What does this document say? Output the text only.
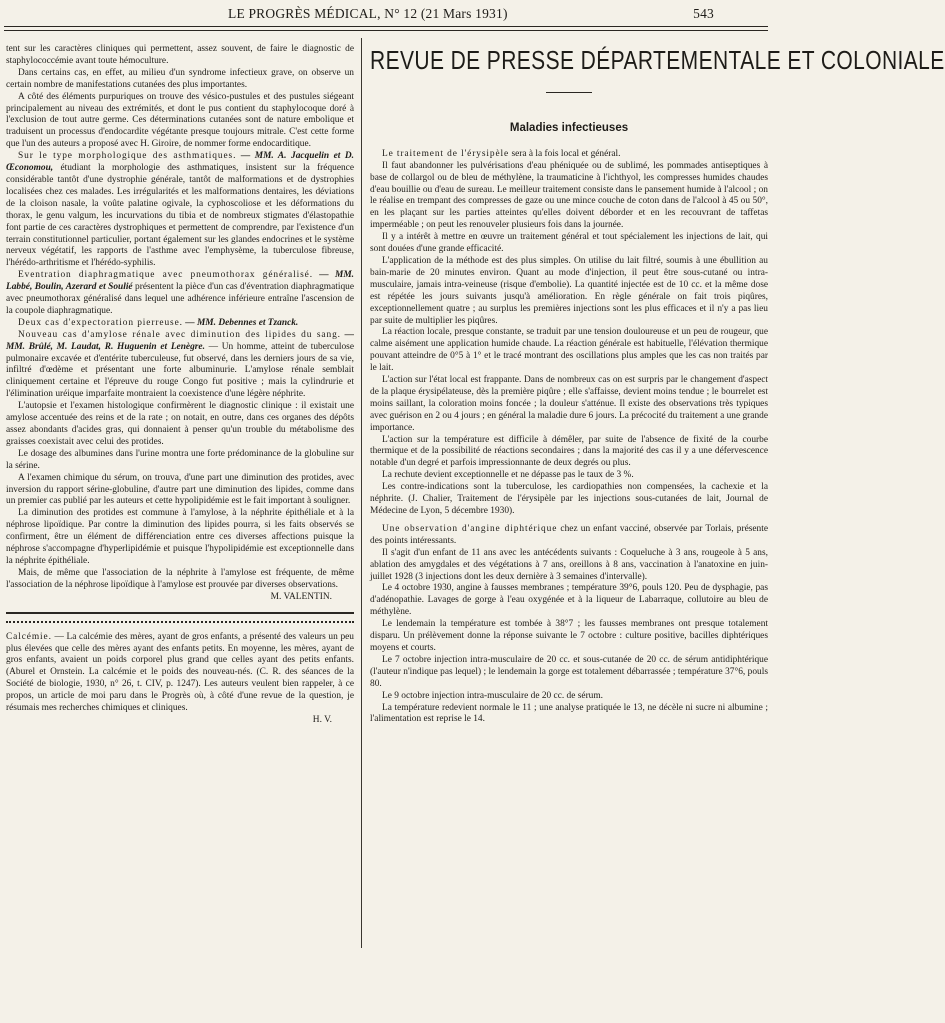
LE PROGRÈS MÉDICAL, N° 12 (21 Mars 1931)	543

tent sur les caractères cliniques qui permettent, assez souvent, de faire le diagnostic de staphylococcémie avant toute hémoculture.

Dans certains cas, en effet, au milieu d'un syndrome infectieux grave, on observe un certain nombre de manifestations cutanées des plus importantes.

A côté des éléments purpuriques on trouve des vésico-pustules et des pustules siégeant principalement au niveau des extrémités, et dont le pus contient du staphylocoque doré à l'exclusion de tout autre germe. Ces déterminations cutanées sont de nature embolique et traduisent un processus d'endocardite végétante presque toujours mitrale. C'est cette forme que l'un des auteurs a proposé avec H. Giroire, de nommer forme endocarditique.

Sur le type morphologique des asthmatiques. — MM. A. Jacquelin et D. Œconomou, étudiant la morphologie des asthmatiques, insistent sur la fréquence considérable tantôt d'une dystrophie générale, tantôt de malformations et de dystrophies localisées chez ces malades. Les irrégularités et les malformations dentaires, les déviations de la cloison nasale, la voûte palatine ogivale, la cyphoscoliose et les déformations du thorax, le genu valgum, les incurvations du tibia et de nombreux stigmates d'élastopathie font partie de ces caractères dystrophiques et permettent de comprendre, par l'existence d'un terrain constitutionnel particulier, portant également sur les glandes endocrines et le système nerveux végétatif, les rapports de l'asthme avec l'emphysème, la tuberculose fibreuse, l'hérédo-arthritisme et l'hérédo-syphilis.

Eventration diaphragmatique avec pneumothorax généralisé. — MM. Labbé, Boulin, Azerard et Soulié présentent la pièce d'un cas d'éventration diaphragmatique avec pneumothorax généralisé dans lequel une adhérence inférieure entraîne l'ascension de la coupole diaphragmatique.

Deux cas d'expectoration pierreuse. — MM. Debennes et Tzanck.

Nouveau cas d'amylose rénale avec diminution des lipides du sang. — MM. Brûlé, M. Laudat, R. Huguenin et Lenègre. — Un homme, atteint de tuberculose pulmonaire excavée et d'entérite tuberculeuse, fut observé, dans les derniers jours de sa vie, infiltré d'œdème et présentant une forte albuminurie. L'amylose rénale semblait cliniquement certaine et l'épreuve du rouge Congo fut positive ; mais la cylindrurie et l'élimination uréique imparfaite montraient la coexistence d'une légère néphrite.

L'autopsie et l'examen histologique confirmèrent le diagnostic clinique : il existait une amylose accentuée des reins et de la rate ; on notait, en outre, dans ces organes des dépôts assez abondants d'acides gras, qui donnaient à penser qu'un trouble du métabolisme des graisses coexistait avec celui des protides.

Le dosage des albumines dans l'urine montra une forte prédominance de la globuline sur la sérine.

A l'examen chimique du sérum, on trouva, d'une part une diminution des protides, avec inversion du rapport sérine-globuline, d'autre part une diminution des lipides, comme dans un premier cas publié par les auteurs et cette hypolipidémie est le fait important à souligner.

La diminution des protides est commune à l'amylose, à la néphrite épithéliale et à la néphrose lipoïdique. Par contre la diminution des lipides pourra, si les faits observés se confirment, être un élément de différenciation entre ces diverses affections puisque la néphrose s'accompagne d'hyperlipidémie et puisque l'hypolipidémie est exceptionnelle dans la néphrite épithéliale.

Mais, de même que l'association de la néphrite à l'amylose est fréquente, de même l'association de la néphrose lipoïdique à l'amylose est prouvée par diverses observations.

M. VALENTIN.

Calcémie. — La calcémie des mères, ayant de gros enfants, a présenté des valeurs un peu plus élevées que celle des mères ayant des enfants petits. En moyenne, les mères, ayant de gros enfants, avaient un poids corporel plus grand que celles ayant des petits enfants. (Aburel et Ornstein. La calcémie et le poids des nouveau-nés. (C. R. des séances de la Société de biologie, 1930, n° 26, t. CIV, p. 1247). Les auteurs veulent bien rappeler, à ce propos, un article de moi paru dans le Progrès où, à côté d'une revue de la question, je résumais mes recherches chimiques et cliniques.

H. V.

REVUE DE PRESSE DÉPARTEMENTALE ET COLONIALE
Maladies infectieuses

Le traitement de l'érysipèle sera à la fois local et général.

Il faut abandonner les pulvérisations d'eau phéniquée ou de sublimé, les pommades antiseptiques à base de collargol ou de bleu de méthylène, la traumaticine à l'ichthyol, les compresses humides chaudes d'eau bouillie ou d'eau de sureau. Le meilleur traitement consiste dans le pansement humide à l'alcool ; on le réalise en trempant des compresses de gaze ou une mince couche de coton dans de l'alcool à 45 ou 50°, en les plaçant sur les parties atteintes qu'elles doivent déborder et en les recouvrant de taffetas imperméable ; on peut les renouveler plusieurs fois dans la journée.

Il y a intérêt à mettre en œuvre un traitement général et tout spécialement les injections de lait, qui sont douées d'une grande efficacité.

L'application de la méthode est des plus simples. On utilise du lait filtré, soumis à une ébullition au bain-marie de 20 minutes environ. Quant au mode d'injection, il peut être sous-cutané ou intra-musculaire, jamais intra-veineuse (risque d'embolie). La quantité injectée est de 10 cc. et la même dose est répétée les jours suivants jusqu'à amélioration. En règle générale on fait trois piqûres, exceptionnellement quatre ; au surplus les premières injections sont les plus efficaces et il n'y a pas lieu par suite de multiplier les piqûres.

La réaction locale, presque constante, se traduit par une tension douloureuse et un peu de rougeur, que calme aisément une application humide chaude. La réaction générale est habituelle, l'élévation thermique pouvant atteindre de 0°5 à 1° et le tracé montrant des oscillations plus amples que les cas non traités par le lait.

L'action sur l'état local est frappante. Dans de nombreux cas on est surpris par le changement d'aspect de la plaque érysipélateuse, dès la première piqûre ; elle s'affaisse, devient moins tendue ; le bourrelet est moins saillant, la coloration moins foncée ; la douleur s'atténue. Il existe des observations très typiques avec guérison en 2 ou 4 jours ; en général la maladie dure 6 jours. La précocité du traitement a une grande importance.

L'action sur la température est difficile à démêler, par suite de l'absence de fixité de la courbe thermique et de la possibilité de réactions secondaires ; dans la majorité des cas il y a une défervescence notable d'un degré et parfois impressionnante de deux degrés ou plus.

La rechute devient exceptionnelle et ne dépasse pas le taux de 3 %.

Les contre-indications sont la tuberculose, les cardiopathies non compensées, la cachexie et la néphrite. (J. Chalier, Traitement de l'érysipèle par les injections sous-cutanées de lait, Journal de Médecine de Lyon, 5 décembre 1930).

Une observation d'angine diphtérique chez un enfant vacciné, observée par Torlais, présente des points intéressants.

Il s'agit d'un enfant de 11 ans avec les antécédents suivants : Coqueluche à 3 ans, rougeole à 5 ans, ablation des amygdales et des végétations à 7 ans, oreillons à 8 ans, vaccination à l'anatoxine en juin-juillet 1928 (3 injections dont les deux dernière à 3 semaines d'intervalle).

Le 4 octobre 1930, angine à fausses membranes ; température 39°6, pouls 120. Peu de dysphagie, pas d'adénopathie. Lavages de gorge à l'eau oxygénée et à la liqueur de Labarraque, collutoire au bleu de méthylène.

Le lendemain la température est tombée à 38°7 ; les fausses membranes ont presque totalement disparu. Un prélèvement donne la réponse suivante le 7 octobre : culture positive, bacilles diphtériques moyens et courts.

Le 7 octobre injection intra-musculaire de 20 cc. et sous-cutanée de 20 cc. de sérum antidiphtérique (l'auteur n'indique pas lequel) ; le lendemain la gorge est totalement débarrassée ; température 37°6, pouls 80.

Le 9 octobre injection intra-musculaire de 20 cc. de sérum.

La température redevient normale le 11 ; une analyse pratiquée le 13, ne décèle ni sucre ni albumine ; l'alimentation est reprise le 14.
